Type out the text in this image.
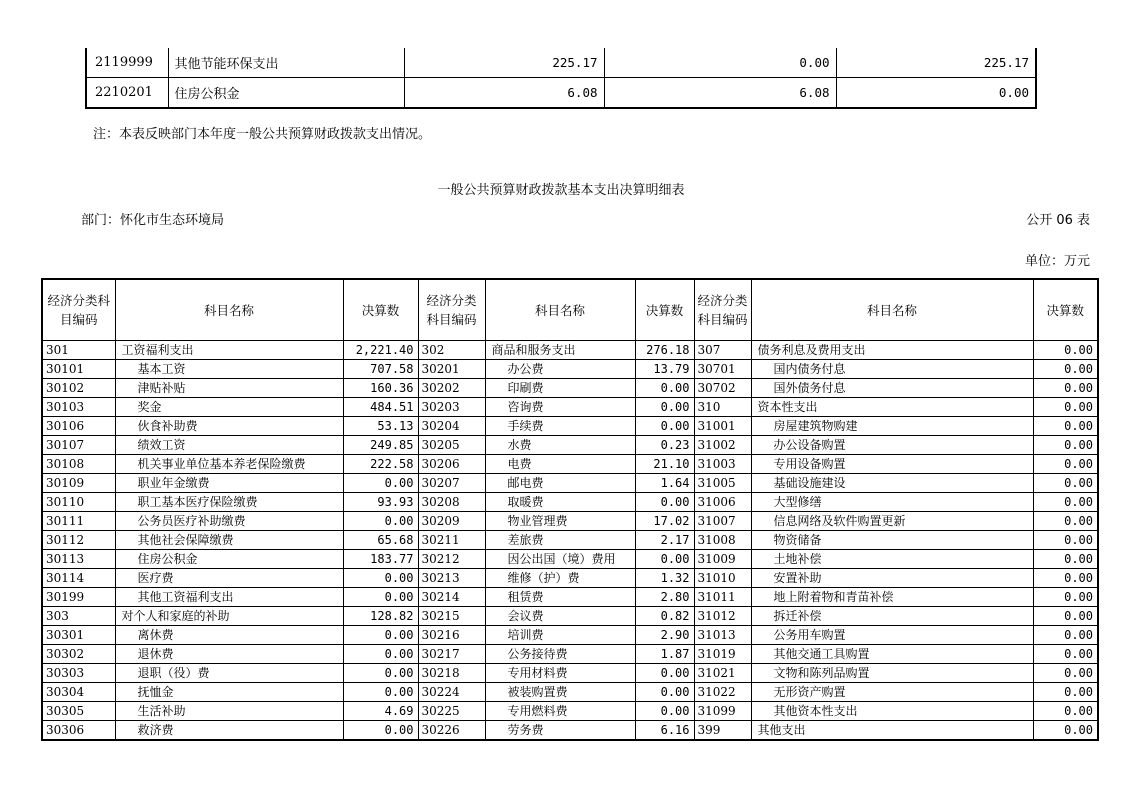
2119999	其他节能环保支出	225.17	0.00	225.17
2210201	住房公积金	6.08	6.08	0.00
注：本表反映部门本年度一般公共预算财政拨款支出情况。
一般公共预算财政拨款基本支出决算明细表
部门：怀化市生态环境局	公开 06 表
单位：万元
经济分类科目编码	科目名称	决算数	经济分类科目编码	科目名称	决算数	经济分类科目编码	科目名称	决算数
301	工资福利支出	2,221.40	302	商品和服务支出	276.18	307	债务利息及费用支出	0.00
30101	基本工资	707.58	30201	办公费	13.79	30701	国内债务付息	0.00
30102	津贴补贴	160.36	30202	印刷费	0.00	30702	国外债务付息	0.00
30103	奖金	484.51	30203	咨询费	0.00	310	资本性支出	0.00
30106	伙食补助费	53.13	30204	手续费	0.00	31001	房屋建筑物购建	0.00
30107	绩效工资	249.85	30205	水费	0.23	31002	办公设备购置	0.00
30108	机关事业单位基本养老保险缴费	222.58	30206	电费	21.10	31003	专用设备购置	0.00
30109	职业年金缴费	0.00	30207	邮电费	1.64	31005	基础设施建设	0.00
30110	职工基本医疗保险缴费	93.93	30208	取暖费	0.00	31006	大型修缮	0.00
30111	公务员医疗补助缴费	0.00	30209	物业管理费	17.02	31007	信息网络及软件购置更新	0.00
30112	其他社会保障缴费	65.68	30211	差旅费	2.17	31008	物资储备	0.00
30113	住房公积金	183.77	30212	因公出国（境）费用	0.00	31009	土地补偿	0.00
30114	医疗费	0.00	30213	维修（护）费	1.32	31010	安置补助	0.00
30199	其他工资福利支出	0.00	30214	租赁费	2.80	31011	地上附着物和青苗补偿	0.00
303	对个人和家庭的补助	128.82	30215	会议费	0.82	31012	拆迁补偿	0.00
30301	离休费	0.00	30216	培训费	2.90	31013	公务用车购置	0.00
30302	退休费	0.00	30217	公务接待费	1.87	31019	其他交通工具购置	0.00
30303	退职（役）费	0.00	30218	专用材料费	0.00	31021	文物和陈列品购置	0.00
30304	抚恤金	0.00	30224	被装购置费	0.00	31022	无形资产购置	0.00
30305	生活补助	4.69	30225	专用燃料费	0.00	31099	其他资本性支出	0.00
30306	救济费	0.00	30226	劳务费	6.16	399	其他支出	0.00
